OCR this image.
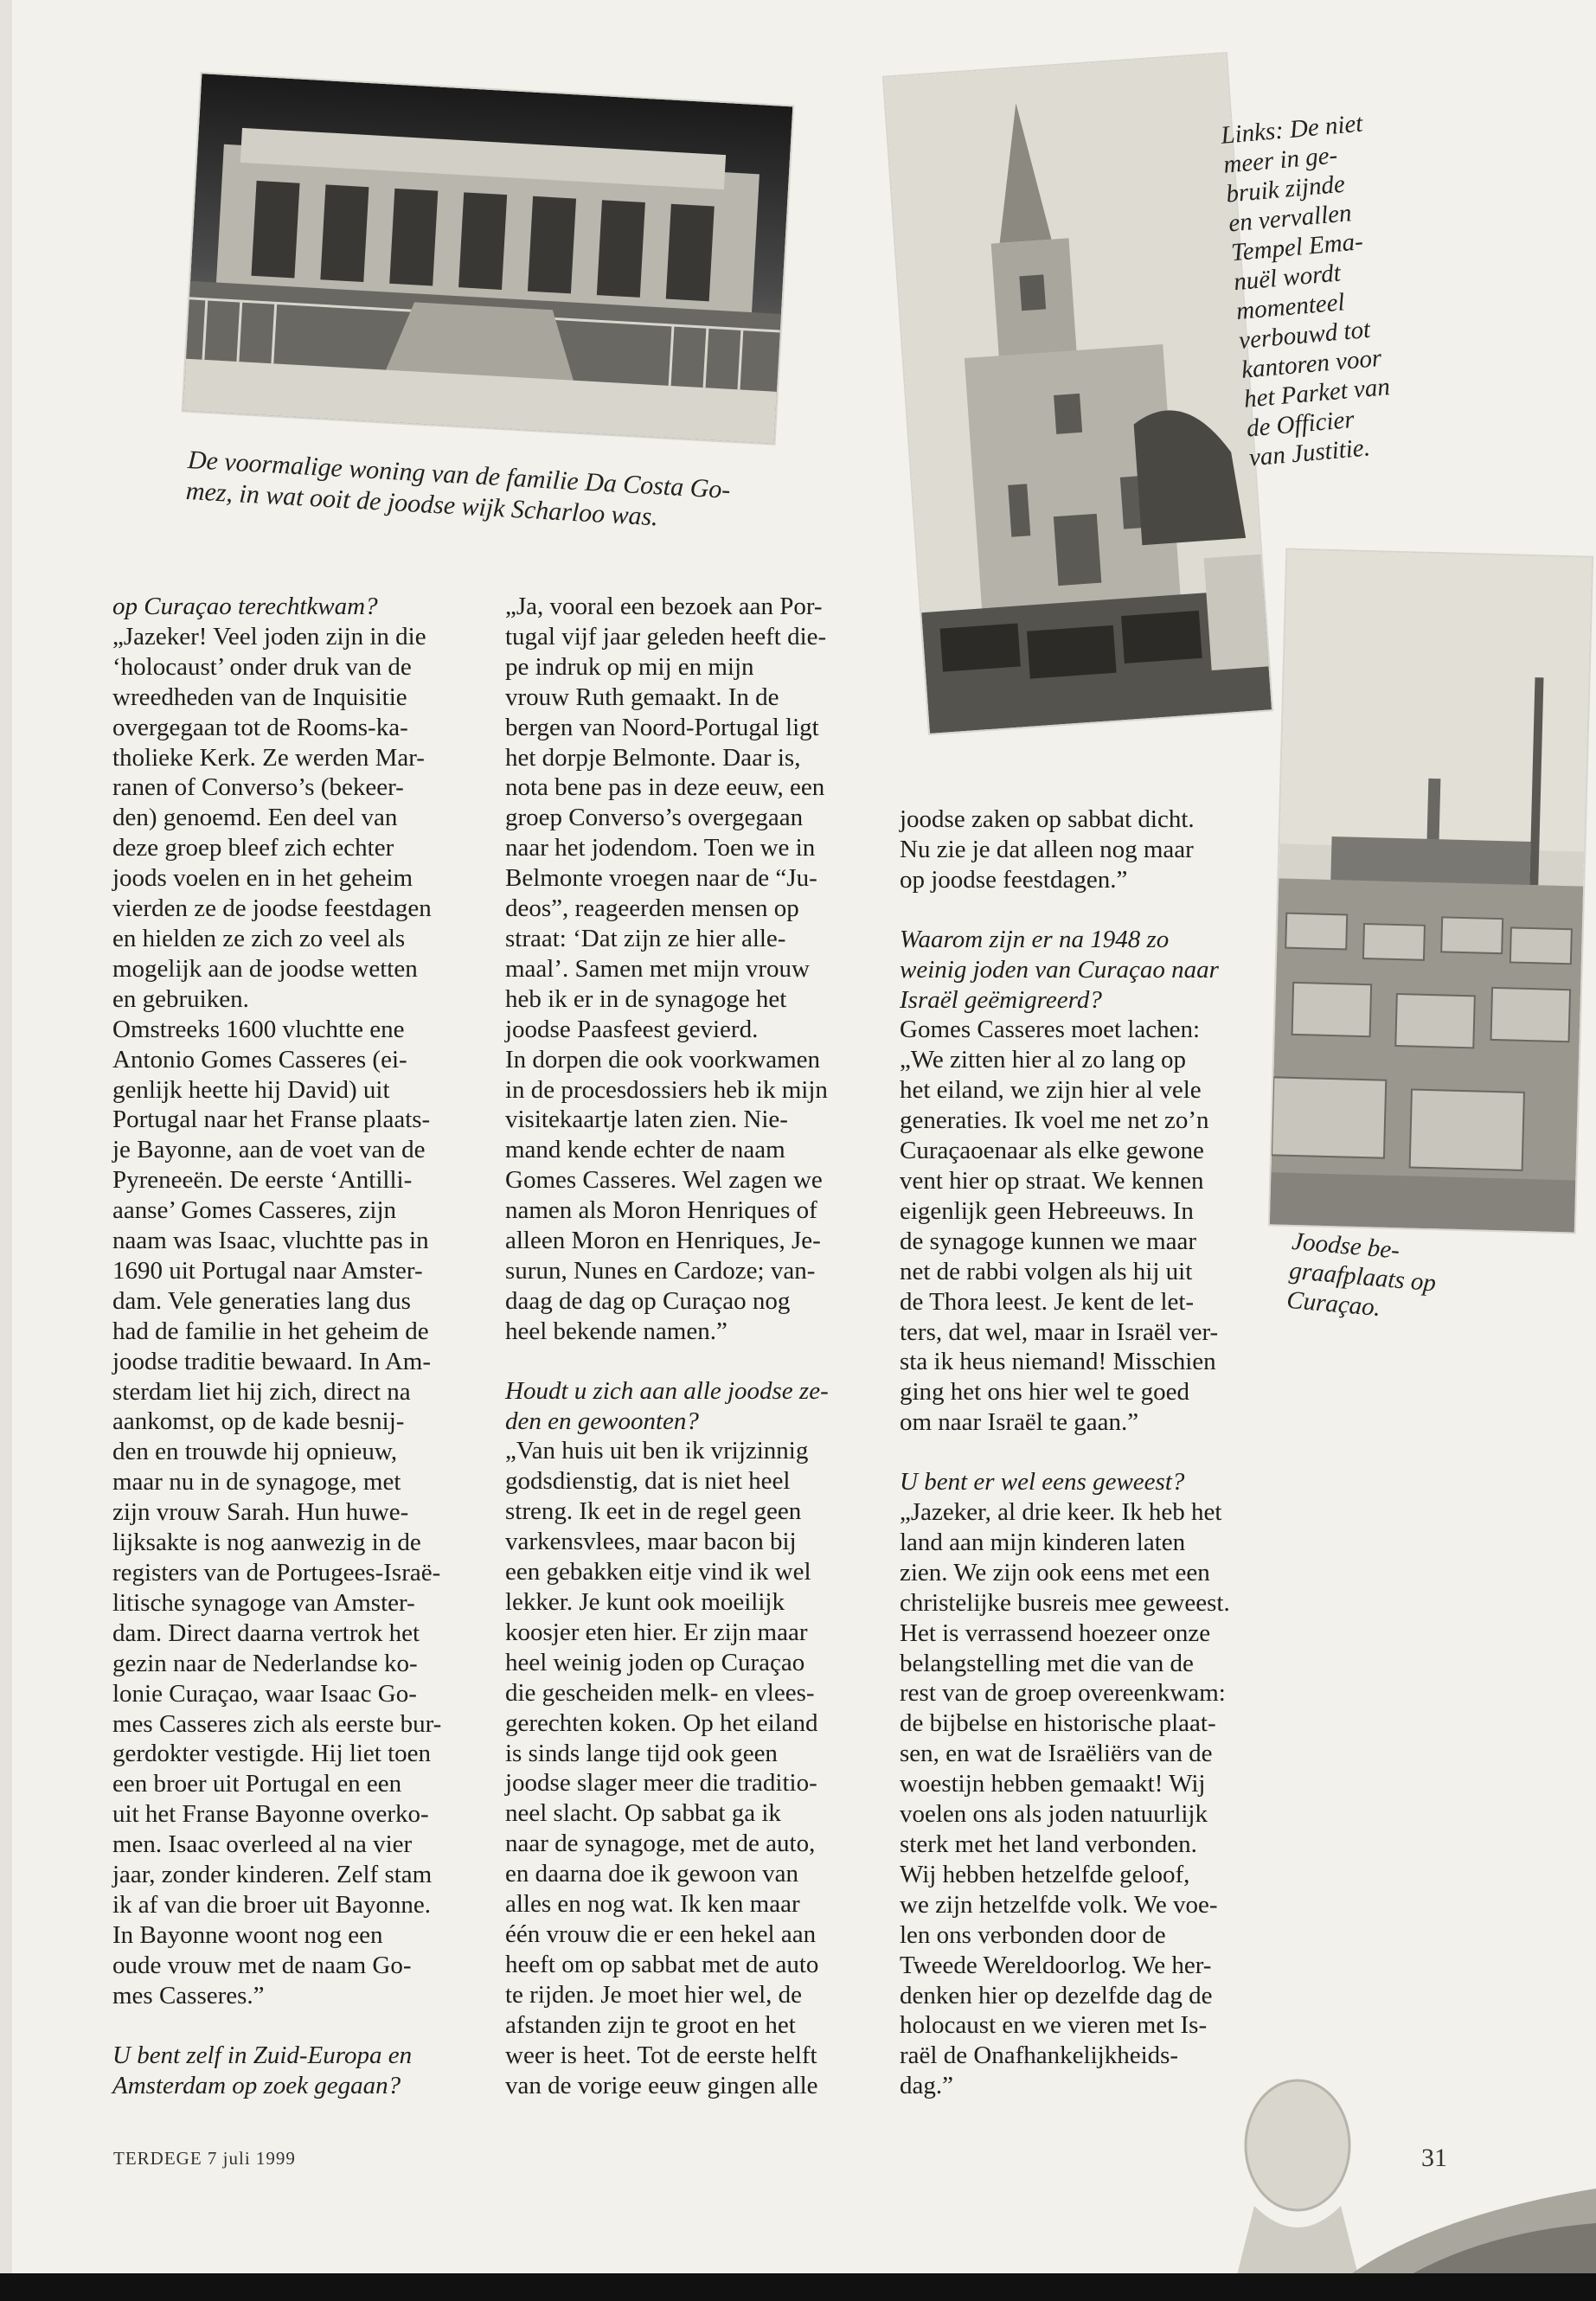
De voormalige woning van de familie Da Costa Go-
mez, in wat ooit de joodse wijk Scharloo was.
Links: De niet
meer in ge-
bruik zijnde
en vervallen
Tempel Ema-
nuël wordt
momenteel
verbouwd tot
kantoren voor
het Parket van
de Officier
van Justitie.
Joodse be-
graafplaats op
Curaçao.

op Curaçao terechtkwam?

„Jazeker! Veel joden zijn in die
‘holocaust’ onder druk van de
wreedheden van de Inquisitie
overgegaan tot de Rooms-ka-
tholieke Kerk. Ze werden Mar-
ranen of Converso’s (bekeer-
den) genoemd. Een deel van
deze groep bleef zich echter
joods voelen en in het geheim
vierden ze de joodse feestdagen
en hielden ze zich zo veel als
mogelijk aan de joodse wetten
en gebruiken.
Omstreeks 1600 vluchtte ene
Antonio Gomes Casseres (ei-
genlijk heette hij David) uit
Portugal naar het Franse plaats-
je Bayonne, aan de voet van de
Pyreneeën. De eerste ‘Antilli-
aanse’ Gomes Casseres, zijn
naam was Isaac, vluchtte pas in
1690 uit Portugal naar Amster-
dam. Vele generaties lang dus
had de familie in het geheim de
joodse traditie bewaard. In Am-
sterdam liet hij zich, direct na
aankomst, op de kade besnij-
den en trouwde hij opnieuw,
maar nu in de synagoge, met
zijn vrouw Sarah. Hun huwe-
lijksakte is nog aanwezig in de
registers van de Portugees-Israë-
litische synagoge van Amster-
dam. Direct daarna vertrok het
gezin naar de Nederlandse ko-
lonie Curaçao, waar Isaac Go-
mes Casseres zich als eerste bur-
gerdokter vestigde. Hij liet toen
een broer uit Portugal en een
uit het Franse Bayonne overko-
men. Isaac overleed al na vier
jaar, zonder kinderen. Zelf stam
ik af van die broer uit Bayonne.
In Bayonne woont nog een
oude vrouw met de naam Go-
mes Casseres.”

U bent zelf in Zuid-Europa en
Amsterdam op zoek gegaan?

„Ja, vooral een bezoek aan Por-
tugal vijf jaar geleden heeft die-
pe indruk op mij en mijn
vrouw Ruth gemaakt. In de
bergen van Noord-Portugal ligt
het dorpje Belmonte. Daar is,
nota bene pas in deze eeuw, een
groep Converso’s overgegaan
naar het jodendom. Toen we in
Belmonte vroegen naar de “Ju-
deos”, reageerden mensen op
straat: ‘Dat zijn ze hier alle-
maal’. Samen met mijn vrouw
heb ik er in de synagoge het
joodse Paasfeest gevierd.
In dorpen die ook voorkwamen
in de procesdossiers heb ik mijn
visitekaartje laten zien. Nie-
mand kende echter de naam
Gomes Casseres. Wel zagen we
namen als Moron Henriques of
alleen Moron en Henriques, Je-
surun, Nunes en Cardoze; van-
daag de dag op Curaçao nog
heel bekende namen.”

Houdt u zich aan alle joodse ze-
den en gewoonten?

„Van huis uit ben ik vrijzinnig
godsdienstig, dat is niet heel
streng. Ik eet in de regel geen
varkensvlees, maar bacon bij
een gebakken eitje vind ik wel
lekker. Je kunt ook moeilijk
koosjer eten hier. Er zijn maar
heel weinig joden op Curaçao
die gescheiden melk- en vlees-
gerechten koken. Op het eiland
is sinds lange tijd ook geen
joodse slager meer die traditio-
neel slacht. Op sabbat ga ik
naar de synagoge, met de auto,
en daarna doe ik gewoon van
alles en nog wat. Ik ken maar
één vrouw die er een hekel aan
heeft om op sabbat met de auto
te rijden. Je moet hier wel, de
afstanden zijn te groot en het
weer is heet. Tot de eerste helft
van de vorige eeuw gingen alle

joodse zaken op sabbat dicht.
Nu zie je dat alleen nog maar
op joodse feestdagen.”

Waarom zijn er na 1948 zo
weinig joden van Curaçao naar
Israël geëmigreerd?

Gomes Casseres moet lachen:
„We zitten hier al zo lang op
het eiland, we zijn hier al vele
generaties. Ik voel me net zo’n
Curaçaoenaar als elke gewone
vent hier op straat. We kennen
eigenlijk geen Hebreeuws. In
de synagoge kunnen we maar
net de rabbi volgen als hij uit
de Thora leest. Je kent de let-
ters, dat wel, maar in Israël ver-
sta ik heus niemand! Misschien
ging het ons hier wel te goed
om naar Israël te gaan.”

U bent er wel eens geweest?

„Jazeker, al drie keer. Ik heb het
land aan mijn kinderen laten
zien. We zijn ook eens met een
christelijke busreis mee geweest.
Het is verrassend hoezeer onze
belangstelling met die van de
rest van de groep overeenkwam:
de bijbelse en historische plaat-
sen, en wat de Israëliërs van de
woestijn hebben gemaakt! Wij
voelen ons als joden natuurlijk
sterk met het land verbonden.
Wij hebben hetzelfde geloof,
we zijn hetzelfde volk. We voe-
len ons verbonden door de
Tweede Wereldoorlog. We her-
denken hier op dezelfde dag de
holocaust en we vieren met Is-
raël de Onafhankelijkheids-
dag.”

TERDEGE 7 juli 1999	31
